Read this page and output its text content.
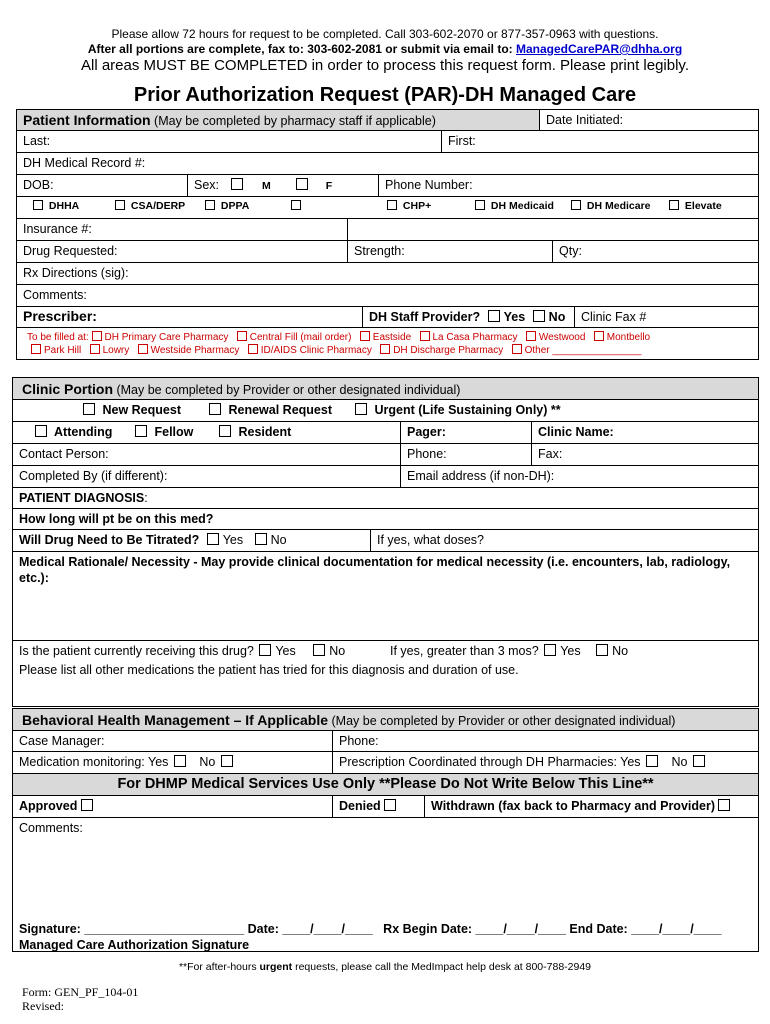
Please allow 72 hours for request to be completed. Call 303-602-2070 or 877-357-0963 with questions.
After all portions are complete, fax to: 303-602-2081 or submit via email to: ManagedCarePAR@dhha.org
All areas MUST BE COMPLETED in order to process this request form. Please print legibly.
Prior Authorization Request (PAR)-DH Managed Care
Patient Information (May be completed by pharmacy staff if applicable)	Date Initiated:
Last:	First:
DH Medical Record #:
DOB:	Sex:	M	F	Phone Number:
DHHA	CSA/DERP	DPPA	CHP+	DH Medicaid	DH Medicare	Elevate
Insurance #:
Drug Requested:	Strength:	Qty:
Rx Directions (sig):
Comments:
Prescriber:	DH Staff Provider? Yes No	Clinic Fax #
To be filled at: DH Primary Care Pharmacy Central Fill (mail order) Eastside La Casa Pharmacy Westwood Montbello
Park Hill Lowry Westside Pharmacy ID/AIDS Clinic Pharmacy DH Discharge Pharmacy Other ________________
Clinic Portion (May be completed by Provider or other designated individual)
New Request	Renewal Request	Urgent (Life Sustaining Only) **
Attending	Fellow	Resident	Pager:	Clinic Name:
Contact Person:	Phone:	Fax:
Completed By (if different):	Email address (if non-DH):
PATIENT DIAGNOSIS:
How long will pt be on this med?
Will Drug Need to Be Titrated? Yes No	If yes, what doses?
Medical Rationale/ Necessity - May provide clinical documentation for medical necessity (i.e. encounters, lab, radiology, etc.):
Is the patient currently receiving this drug? Yes	No	If yes, greater than 3 mos? Yes	No
Please list all other medications the patient has tried for this diagnosis and duration of use.
Behavioral Health Management – If Applicable (May be completed by Provider or other designated individual)
Case Manager:	Phone:
Medication monitoring: Yes No	Prescription Coordinated through DH Pharmacies: Yes No
For DHMP Medical Services Use Only **Please Do Not Write Below This Line**
Approved	Denied	Withdrawn (fax back to Pharmacy and Provider)
Comments:
Signature: _______________________ Date: ____/____/____   Rx Begin Date: ____/____/____ End Date: ____/____/____
Managed Care Authorization Signature
**For after-hours urgent requests, please call the MedImpact help desk at 800-788-2949
Form: GEN_PF_104-01
Revised:
